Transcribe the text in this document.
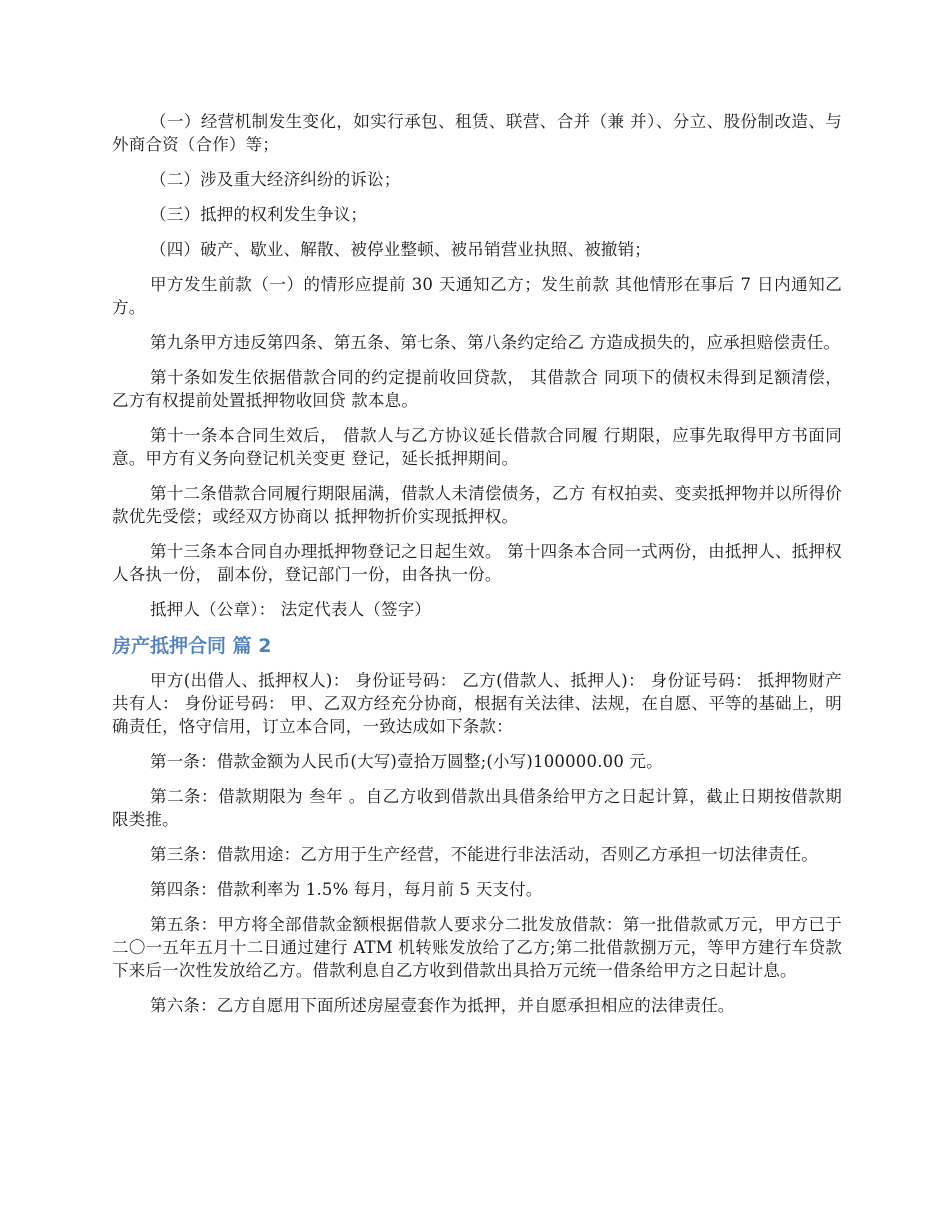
（一）经营机制发生变化，如实行承包、租赁、联营、合并（兼 并）、分立、股份制改造、与外商合资（合作）等；

（二）涉及重大经济纠纷的诉讼；

（三）抵押的权利发生争议；

（四）破产、歇业、解散、被停业整顿、被吊销营业执照、被撤销；

甲方发生前款（一）的情形应提前 30 天通知乙方；发生前款 其他情形在事后 7 日内通知乙方。

第九条甲方违反第四条、第五条、第七条、第八条约定给乙 方造成损失的，应承担赔偿责任。

第十条如发生依据借款合同的约定提前收回贷款， 其借款合 同项下的债权未得到足额清偿， 乙方有权提前处置抵押物收回贷 款本息。

第十一条本合同生效后， 借款人与乙方协议延长借款合同履 行期限，应事先取得甲方书面同意。甲方有义务向登记机关变更 登记，延长抵押期间。

第十二条借款合同履行期限届满，借款人未清偿债务，乙方 有权拍卖、变卖抵押物并以所得价款优先受偿；或经双方协商以 抵押物折价实现抵押权。

第十三条本合同自办理抵押物登记之日起生效。 第十四条本合同一式两份，由抵押人、抵押权人各执一份， 副本份，登记部门一份，由各执一份。

抵押人（公章）： 法定代表人（签字）

房产抵押合同 篇 2

甲方(出借人、抵押权人)： 身份证号码： 乙方(借款人、抵押人)： 身份证号码： 抵押物财产共有人： 身份证号码： 甲、乙双方经充分协商，根据有关法律、法规，在自愿、平等的基础上，明确责任，恪守信用，订立本合同，一致达成如下条款：

第一条：借款金额为人民币(大写)壹拾万圆整;(小写)100000.00 元。

第二条：借款期限为 叁年 。自乙方收到借款出具借条给甲方之日起计算，截止日期按借款期限类推。

第三条：借款用途：乙方用于生产经营，不能进行非法活动，否则乙方承担一切法律责任。

第四条：借款利率为 1.5% 每月，每月前 5 天支付。

第五条：甲方将全部借款金额根据借款人要求分二批发放借款：第一批借款贰万元，甲方已于二〇一五年五月十二日通过建行 ATM 机转账发放给了乙方;第二批借款捌万元，等甲方建行车贷款下来后一次性发放给乙方。借款利息自乙方收到借款出具拾万元统一借条给甲方之日起计息。

第六条：乙方自愿用下面所述房屋壹套作为抵押，并自愿承担相应的法律责任。
